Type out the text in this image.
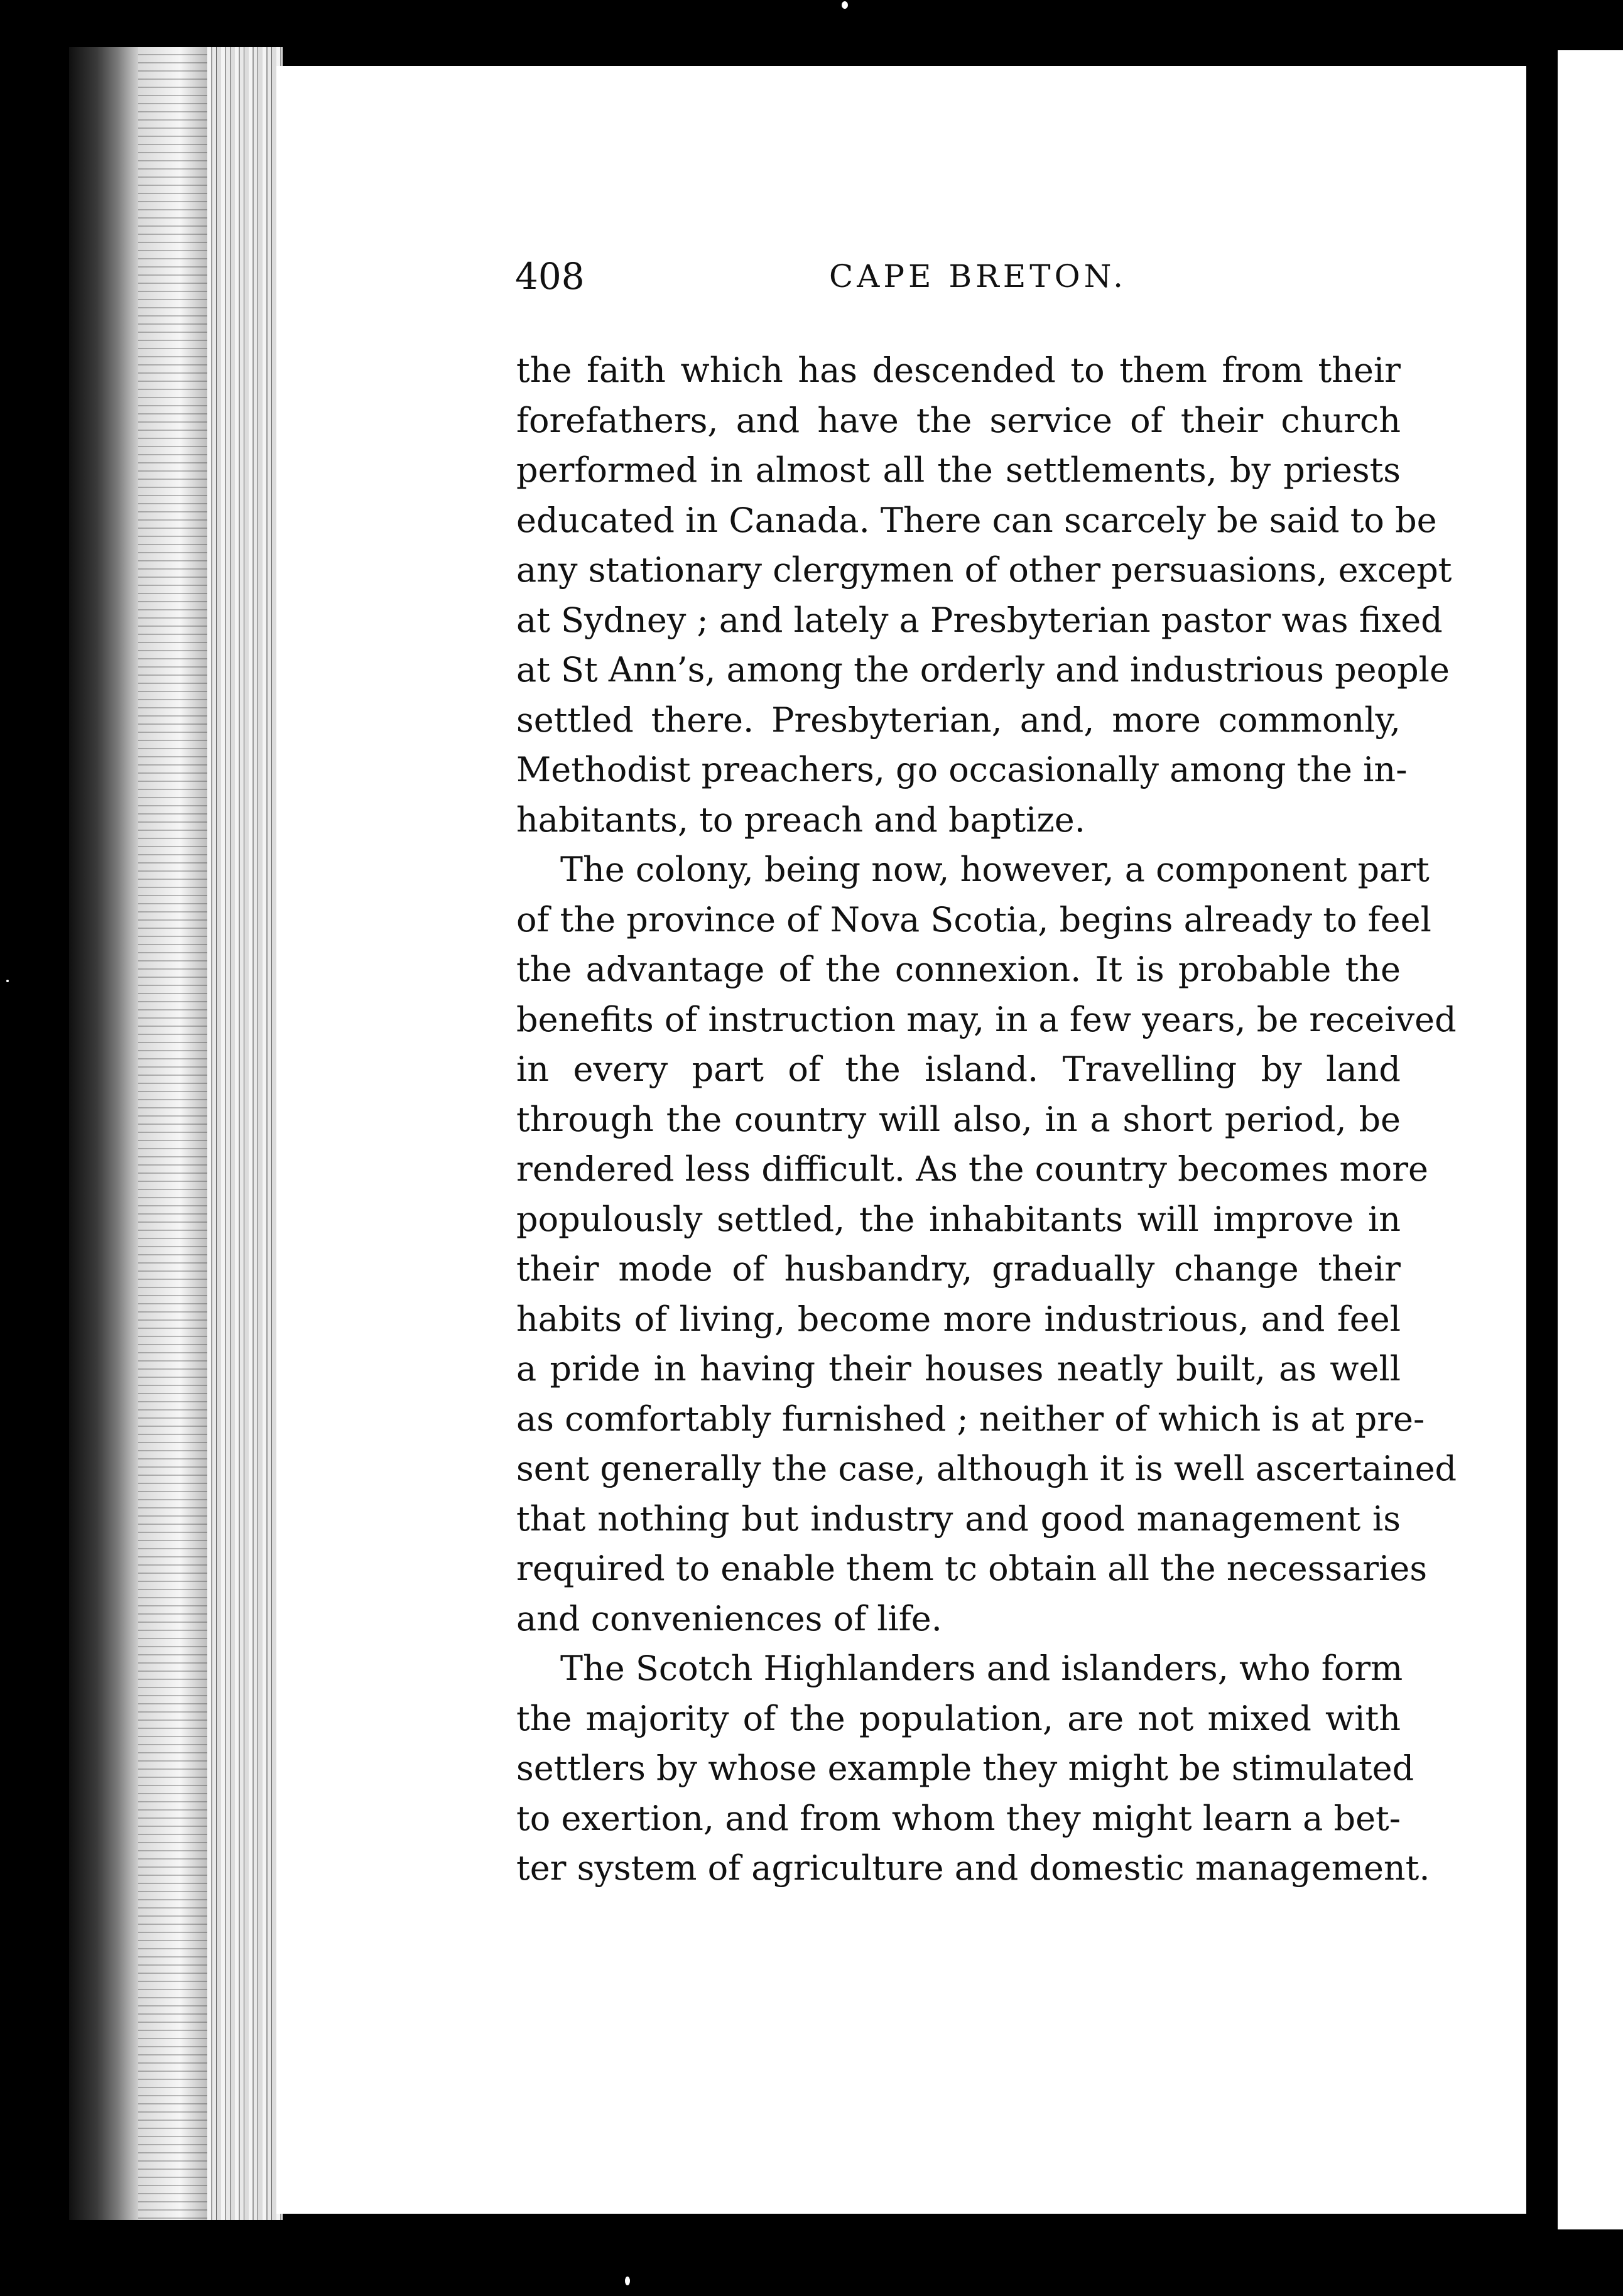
408	CAPE BRETON.
the faith which has descended to them from their
forefathers, and have the service of their church
performed in almost all the settlements, by priests
educated in Canada. There can scarcely be said to be
any stationary clergymen of other persuasions, except
at Sydney ; and lately a Presbyterian pastor was fixed
at St Ann’s, among the orderly and industrious people
settled there. Presbyterian, and, more commonly,
Methodist preachers, go occasionally among the in-
habitants, to preach and baptize.
The colony, being now, however, a component part
of the province of Nova Scotia, begins already to feel
the advantage of the connexion. It is probable the
benefits of instruction may, in a few years, be received
in every part of the island. Travelling by land
through the country will also, in a short period, be
rendered less difficult. As the country becomes more
populously settled, the inhabitants will improve in
their mode of husbandry, gradually change their
habits of living, become more industrious, and feel
a pride in having their houses neatly built, as well
as comfortably furnished ; neither of which is at pre-
sent generally the case, although it is well ascertained
that nothing but industry and good management is
required to enable them tc obtain all the necessaries
and conveniences of life.
The Scotch Highlanders and islanders, who form
the majority of the population, are not mixed with
settlers by whose example they might be stimulated
to exertion, and from whom they might learn a bet-
ter system of agriculture and domestic management.
